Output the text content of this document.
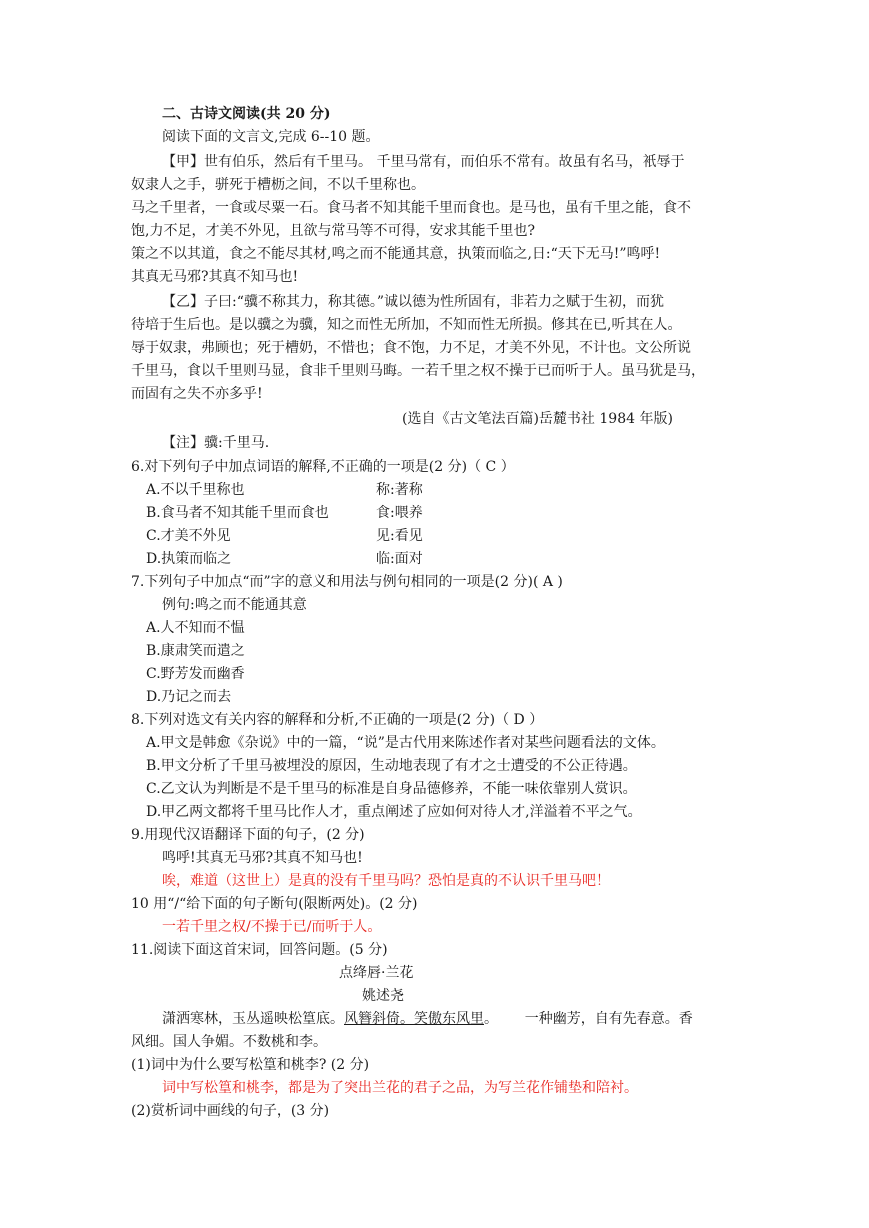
二、古诗文阅读(共 20 分)
阅读下面的文言文,完成 6--10 题。
【甲】世有伯乐，然后有千里马。 千里马常有，而伯乐不常有。故虽有名马，衹辱于
奴隶人之手，骈死于槽枥之间，不以千里称也。
马之千里者，一食或尽粟一石。食马者不知其能千里而食也。是马也，虽有千里之能，食不
饱,力不足，才美不外见，且欲与常马等不可得，安求其能千里也?
策之不以其道，食之不能尽其材,鸣之而不能通其意，执策而临之,日:“天下无马!”鸣呼!
其真无马邪?其真不知马也!
【乙】子曰:“骥不称其力，称其德。”诚以德为性所固有，非若力之赋于生初，而犹
待培于生后也。是以骥之为骥，知之而性无所加，不知而性无所损。修其在已,听其在人。
辱于奴隶，弗顾也；死于槽奶，不惜也；食不饱，力不足，才美不外见，不计也。文公所说
千里马，食以千里则马显，食非千里则马晦。一若千里之权不操于已而听于人。虽马犹是马，
而固有之失不亦多乎!
(选自《古文笔法百篇)岳麓书社 1984 年版)
【注】骥:千里马.
6.对下列句子中加点词语的解释,不正确的一项是(2 分)（ C ）
A.不以千里称也	称:著称
B.食马者不知其能千里而食也	食:喂养
C.才美不外见	见:看见
D.执策而临之	临:面对
7.下列句子中加点“而”字的意义和用法与例句相同的一项是(2 分)( A )
例句:鸣之而不能通其意
A.人不知而不愠
B.康肃笑而遣之
C.野芳发而幽香
D.乃记之而去
8.下列对选文有关内容的解释和分析,不正确的一项是(2 分)（ D ）
A.甲文是韩愈《杂说》中的一篇，“说”是古代用来陈述作者对某些问题看法的文体。
B.甲文分析了千里马被埋没的原因，生动地表现了有才之士遭受的不公正待遇。
C.乙文认为判断是不是千里马的标准是自身品德修养，不能一味依靠别人赏识。
D.甲乙两文都将千里马比作人才，重点阐述了应如何对待人才,洋溢着不平之气。
9.用现代汉语翻译下面的句子，(2 分)
鸣呼!其真无马邪?其真不知马也!
唉，难道（这世上）是真的没有千里马吗？恐怕是真的不认识千里马吧！
10 用“/“给下面的句子断句(限断两处)。(2 分)
一若千里之权/不操于已/而听于人。
11.阅读下面这首宋词，回答问题。(5 分)
点绛唇·兰花
姚述尧
潇洒寒林，玉丛遥映松篁底。风簪斜倚。笑傲东风里。      一种幽芳，自有先春意。香
风细。国人争媚。不数桃和李。
(1)词中为什么要写松篁和桃李? (2 分)
词中写松篁和桃李，都是为了突出兰花的君子之品，为写兰花作铺垫和陪衬。
(2)赏析词中画线的句子，(3 分)
